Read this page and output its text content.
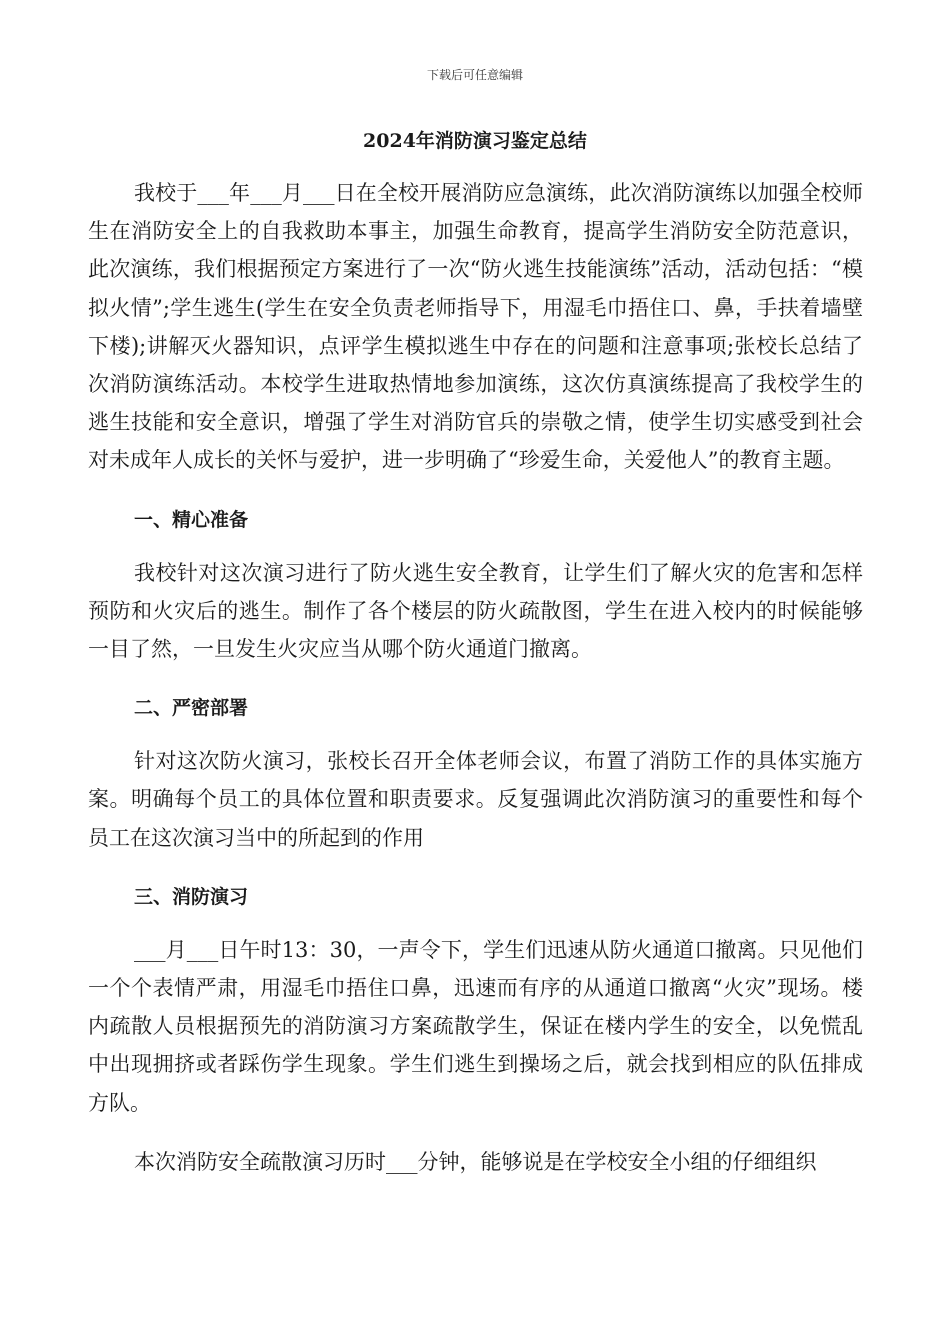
下载后可任意编辑
2024年消防演习鉴定总结

我校于___年___月___日在全校开展消防应急演练，此次消防演练以加强全校师生在消防安全上的自我救助本事主，加强生命教育，提高学生消防安全防范意识，此次演练，我们根据预定方案进行了一次“防火逃生技能演练”活动，活动包括：“模拟火情”;学生逃生(学生在安全负责老师指导下，用湿毛巾捂住口、鼻，手扶着墙壁下楼);讲解灭火器知识，点评学生模拟逃生中存在的问题和注意事项;张校长总结了次消防演练活动。本校学生进取热情地参加演练，这次仿真演练提高了我校学生的逃生技能和安全意识，增强了学生对消防官兵的崇敬之情，使学生切实感受到社会对未成年人成长的关怀与爱护，进一步明确了“珍爱生命，关爱他人”的教育主题。

一、精心准备

我校针对这次演习进行了防火逃生安全教育，让学生们了解火灾的危害和怎样预防和火灾后的逃生。制作了各个楼层的防火疏散图，学生在进入校内的时候能够一目了然，一旦发生火灾应当从哪个防火通道门撤离。

二、严密部署

针对这次防火演习，张校长召开全体老师会议，布置了消防工作的具体实施方案。明确每个员工的具体位置和职责要求。反复强调此次消防演习的重要性和每个员工在这次演习当中的所起到的作用

三、消防演习

___月___日午时13：30，一声令下，学生们迅速从防火通道口撤离。只见他们一个个表情严肃，用湿毛巾捂住口鼻，迅速而有序的从通道口撤离“火灾”现场。楼内疏散人员根据预先的消防演习方案疏散学生，保证在楼内学生的安全，以免慌乱中出现拥挤或者踩伤学生现象。学生们逃生到操场之后，就会找到相应的队伍排成方队。

本次消防安全疏散演习历时___分钟，能够说是在学校安全小组的仔细组织
